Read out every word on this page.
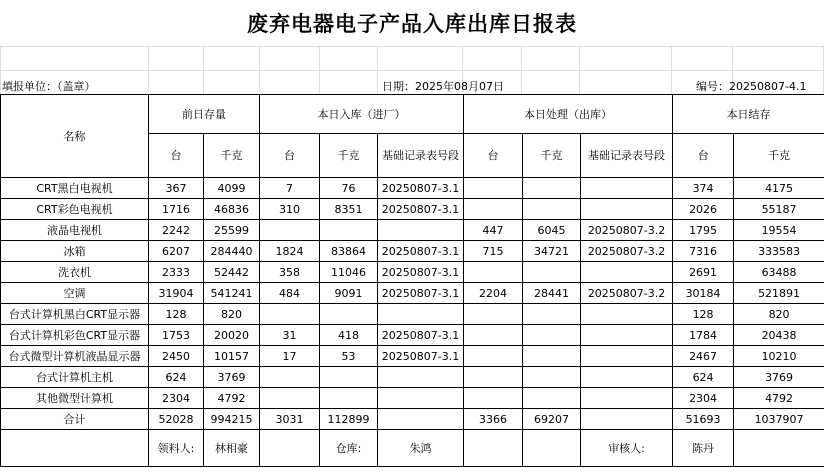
废弃电器电子产品入库出库日报表

填报单位：（盖章）	日期：2025年08月07日	编号：20250807-4.1
名称	前日存量		本日入库（进厂）			本日处理（出库）			本日结存	
	台	千克	台	千克	基础记录表号段	台	千克	基础记录表号段	台	千克
CRT黑白电视机	367	4099	7	76	20250807-3.1				374	4175
CRT彩色电视机	1716	46836	310	8351	20250807-3.1				2026	55187
液晶电视机	2242	25599				447	6045	20250807-3.2	1795	19554
冰箱	6207	284440	1824	83864	20250807-3.1	715	34721	20250807-3.2	7316	333583
洗衣机	2333	52442	358	11046	20250807-3.1				2691	63488
空调	31904	541241	484	9091	20250807-3.1	2204	28441	20250807-3.2	30184	521891
台式计算机黑白CRT显示器	128	820							128	820
台式计算机彩色CRT显示器	1753	20020	31	418	20250807-3.1				1784	20438
台式微型计算机液晶显示器	2450	10157	17	53	20250807-3.1				2467	10210
台式计算机主机	624	3769							624	3769
其他微型计算机	2304	4792							2304	4792
合计	52028	994215	3031	112899		3366	69207		51693	1037907
	领料人:	林相豪		仓库:	朱鸿			审核人:	陈丹	
